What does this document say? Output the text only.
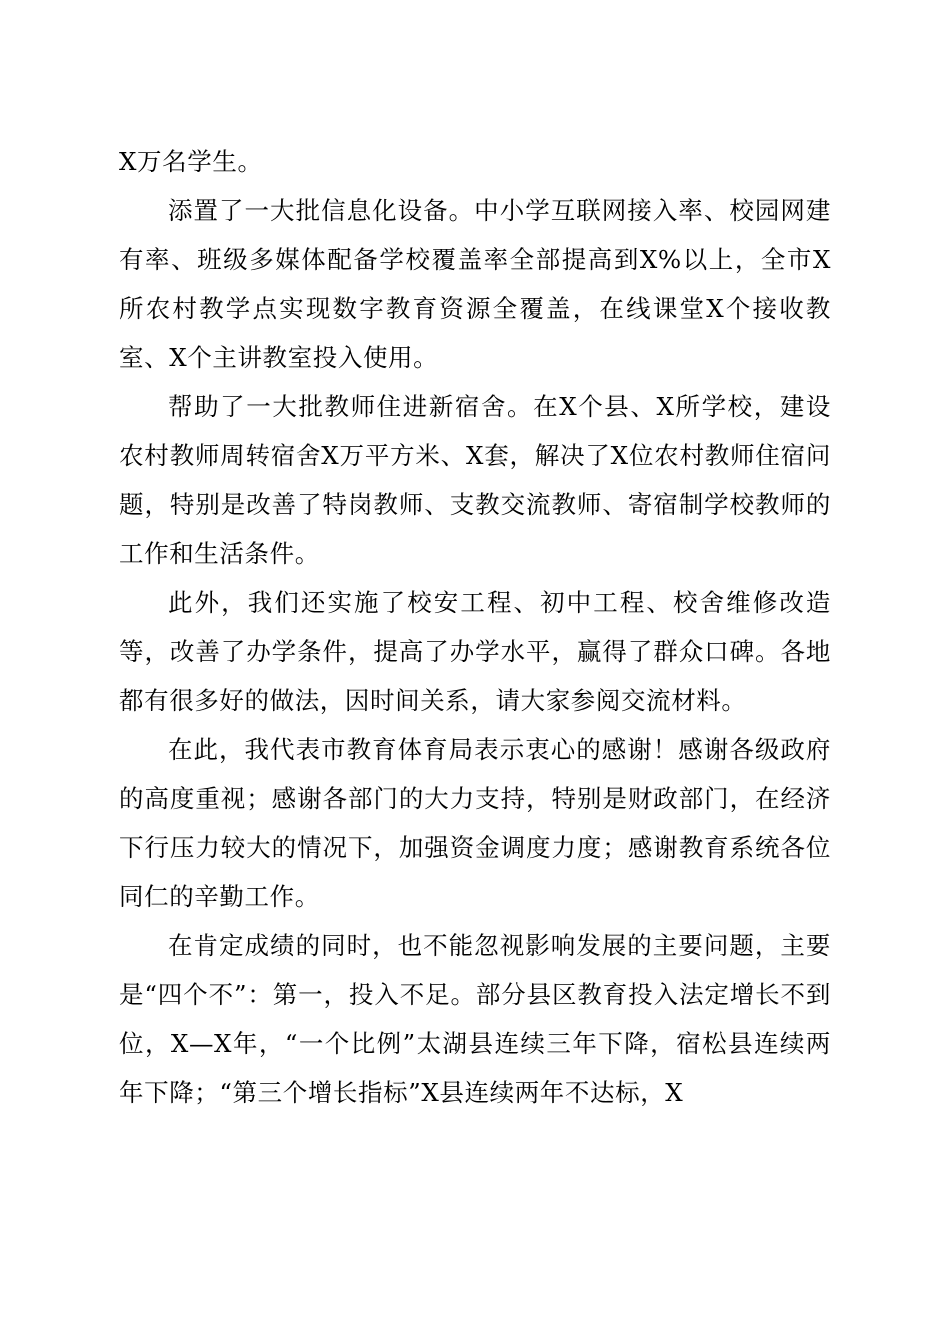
X万名学生。

添置了一大批信息化设备。中小学互联网接入率、校园网建有率、班级多媒体配备学校覆盖率全部提高到X%以上，全市X所农村教学点实现数字教育资源全覆盖，在线课堂X个接收教室、X个主讲教室投入使用。

帮助了一大批教师住进新宿舍。在X个县、X所学校，建设农村教师周转宿舍X万平方米、X套，解决了X位农村教师住宿问题，特别是改善了特岗教师、支教交流教师、寄宿制学校教师的工作和生活条件。

此外，我们还实施了校安工程、初中工程、校舍维修改造等，改善了办学条件，提高了办学水平，赢得了群众口碑。各地都有很多好的做法，因时间关系，请大家参阅交流材料。

在此，我代表市教育体育局表示衷心的感谢！感谢各级政府的高度重视；感谢各部门的大力支持，特别是财政部门，在经济下行压力较大的情况下，加强资金调度力度；感谢教育系统各位同仁的辛勤工作。

在肯定成绩的同时，也不能忽视影响发展的主要问题，主要是“四个不”：第一，投入不足。部分县区教育投入法定增长不到位，X—X年，“一个比例”太湖县连续三年下降，宿松县连续两年下降；“第三个增长指标”X县连续两年不达标，X
